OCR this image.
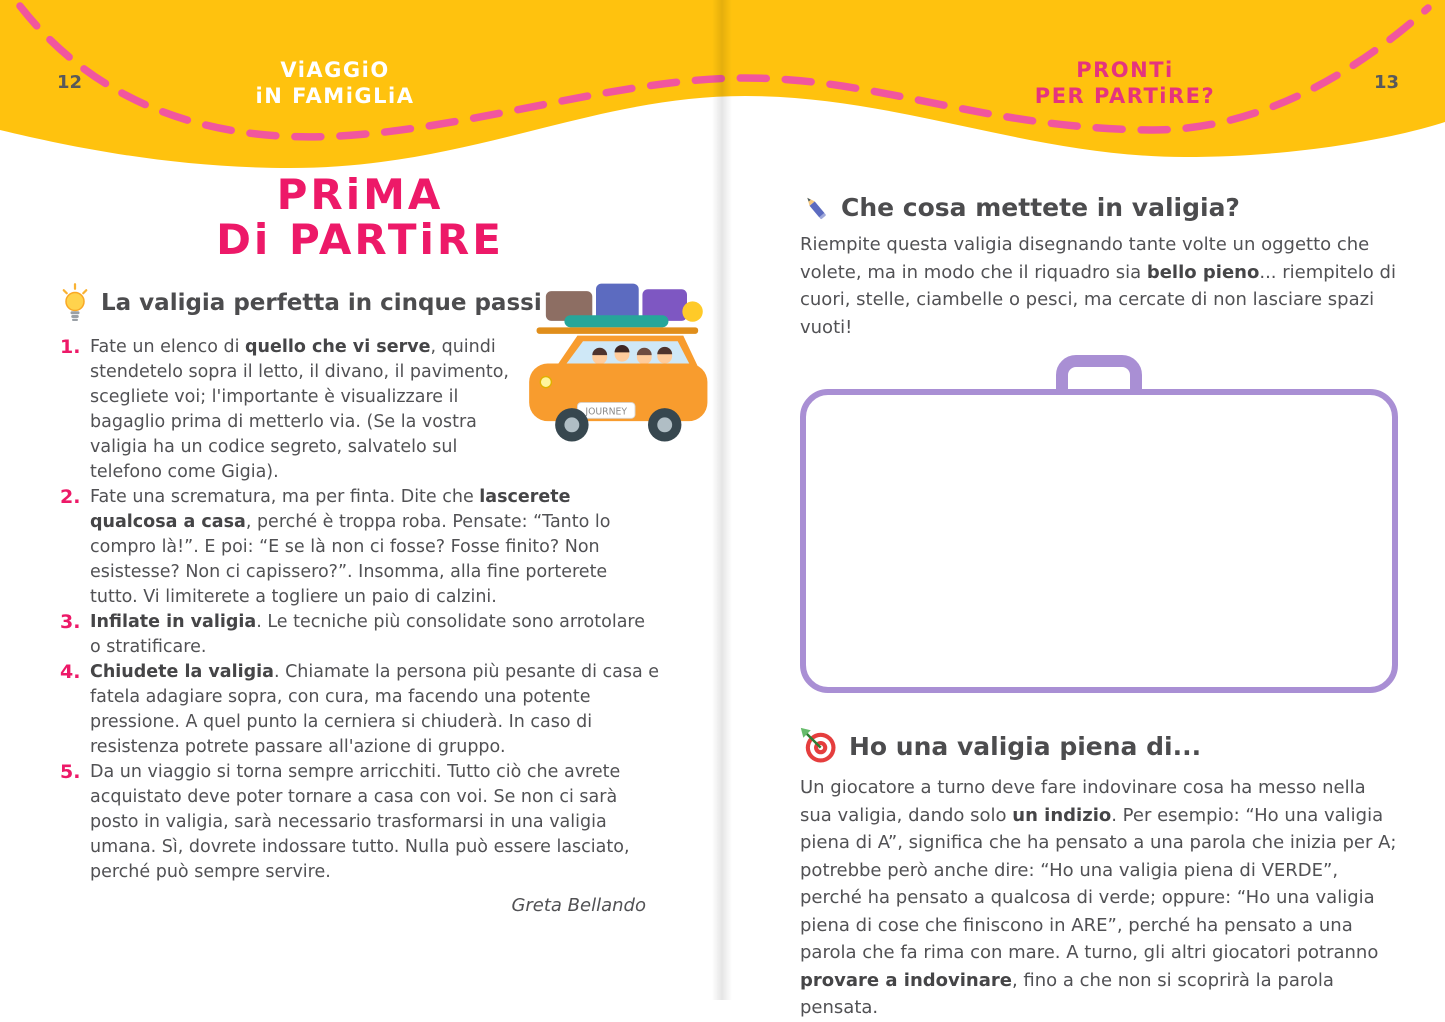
12	13
ViAGGiO
iN FAMiGLiA
PRONTi
PER PARTiRE?
PRiMA
Di PARTiRE
La valigia perfetta in cinque passi
1. Fate un elenco di quello che vi serve, quindi stendetelo sopra il letto, il divano, il pavimento, scegliete voi; l'importante è visualizzare il bagaglio prima di metterlo via. (Se la vostra valigia ha un codice segreto, salvatelo sul telefono come Gigia).
2. Fate una scrematura, ma per finta. Dite che lascerete qualcosa a casa, perché è troppa roba. Pensate: “Tanto lo compro là!”. E poi: “E se là non ci fosse? Fosse finito? Non esistesse? Non ci capissero?”. Insomma, alla fine porterete tutto. Vi limiterete a togliere un paio di calzini.
3. Infilate in valigia. Le tecniche più consolidate sono arrotolare o stratificare.
4. Chiudete la valigia. Chiamate la persona più pesante di casa e fatela adagiare sopra, con cura, ma facendo una potente pressione. A quel punto la cerniera si chiuderà. In caso di resistenza potrete passare all'azione di gruppo.
5. Da un viaggio si torna sempre arricchiti. Tutto ciò che avrete acquistato deve poter tornare a casa con voi. Se non ci sarà posto in valigia, sarà necessario trasformarsi in una valigia umana. Sì, dovrete indossare tutto. Nulla può essere lasciato, perché può sempre servire.
Greta Bellando
JOURNEY
Che cosa mettete in valigia?
Riempite questa valigia disegnando tante volte un oggetto che volete, ma in modo che il riquadro sia bello pieno... riempitelo di cuori, stelle, ciambelle o pesci, ma cercate di non lasciare spazi vuoti!
Ho una valigia piena di...
Un giocatore a turno deve fare indovinare cosa ha messo nella sua valigia, dando solo un indizio. Per esempio: “Ho una valigia piena di A”, significa che ha pensato a una parola che inizia per A; potrebbe però anche dire: “Ho una valigia piena di VERDE”, perché ha pensato a qualcosa di verde; oppure: “Ho una valigia piena di cose che finiscono in ARE”, perché ha pensato a una parola che fa rima con mare. A turno, gli altri giocatori potranno provare a indovinare, fino a che non si scoprirà la parola pensata.
